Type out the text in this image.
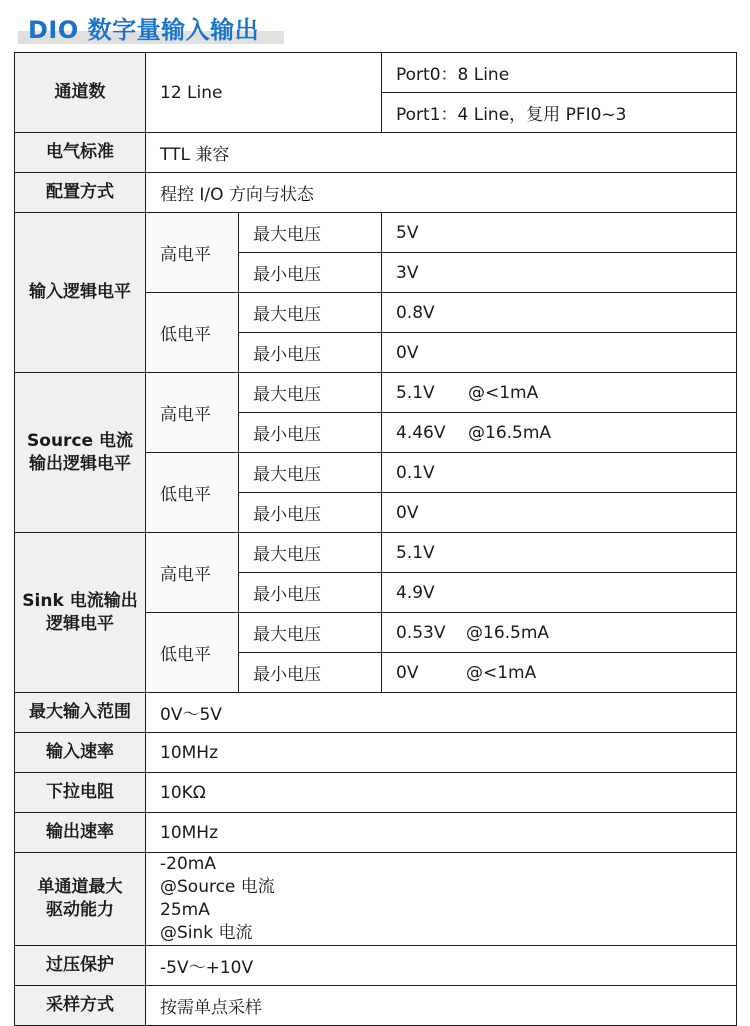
DIO 数字量输入输出
通道数	12 Line		Port0：8 Line
			Port1：4 Line，复用 PFI0~3
电气标准	TTL 兼容		
配置方式	程控 I/O 方向与状态		
输入逻辑电平	高电平	最大电压	5V
		最小电压	3V
	低电平	最大电压	0.8V
		最小电压	0V

Source 电流
输出逻辑电平	高电平	最大电压	5.1V @<1mA
		最小电压	4.46V @16.5mA
	低电平	最大电压	0.1V
		最小电压	0V

Sink 电流输出
逻辑电平	高电平	最大电压	5.1V
		最小电压	4.9V
	低电平	最大电压	0.53V @16.5mA
		最小电压	0V @<1mA
最大输入范围	0V～5V		
输入速率	10MHz		
下拉电阻	10KΩ		
输出速率	10MHz		

单通道最大
驱动能力	-20mA
@Source 电流
25mA
@Sink 电流		

过压保护	-5V～+10V		
采样方式	按需单点采样		
